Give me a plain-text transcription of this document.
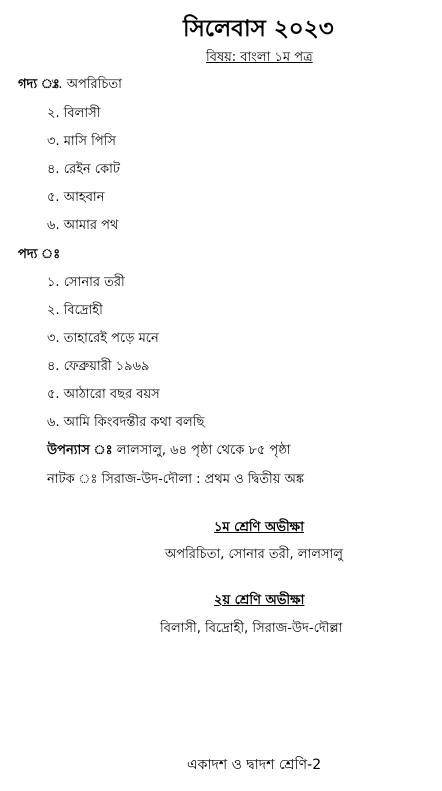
সিলেবাস ২০২৩
বিষয়: বাংলা ১ম পত্র
গদ্য ঃ
১. অপরিচিতা
২. বিলাসী
৩. মাসি পিসি
৪. রেইন কোট
৫. আহবান
৬. আমার পথ
পদ্য ঃ
১. সোনার তরী
২. বিদ্রোহী
৩. তাহারেই পড়ে মনে
৪. ফেব্রুয়ারী ১৯৬৯
৫. আঠারো বছর বয়স
৬. আমি কিংবদন্তীর কথা বলছি
উপন্যাস ঃ লালসালু, ৬৪ পৃষ্ঠা থেকে ৮৫ পৃষ্ঠা
নাটক ঃ সিরাজ-উদ-দৌলা : প্রথম ও দ্বিতীয় অঙ্ক
১ম শ্রেণি অভীক্ষা
অপরিচিতা, সোনার তরী, লালসালু
২য় শ্রেণি অভীক্ষা
বিলাসী, বিদ্রোহী, সিরাজ-উদ-দৌল্লা
একাদশ ও দ্বাদশ শ্রেণি-2
